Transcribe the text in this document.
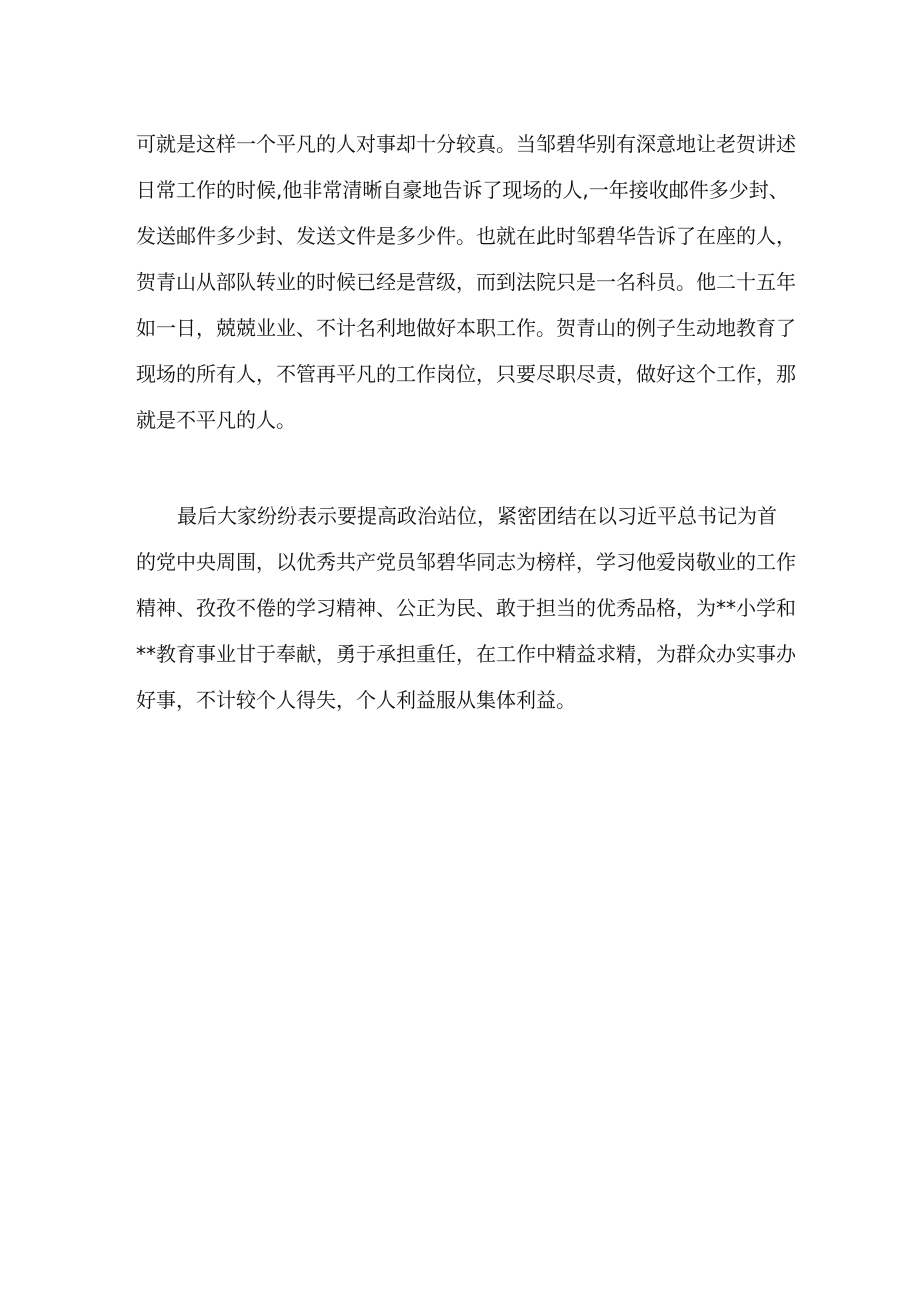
可就是这样一个平凡的人对事却十分较真。当邹碧华别有深意地让老贺讲述
日常工作的时候,他非常清晰自豪地告诉了现场的人,一年接收邮件多少封、
发送邮件多少封、发送文件是多少件。也就在此时邹碧华告诉了在座的人，
贺青山从部队转业的时候已经是营级，而到法院只是一名科员。他二十五年
如一日，兢兢业业、不计名利地做好本职工作。贺青山的例子生动地教育了
现场的所有人，不管再平凡的工作岗位，只要尽职尽责，做好这个工作，那
就是不平凡的人。
最后大家纷纷表示要提高政治站位，紧密团结在以习近平总书记为首
的党中央周围，以优秀共产党员邹碧华同志为榜样，学习他爱岗敬业的工作
精神、孜孜不倦的学习精神、公正为民、敢于担当的优秀品格，为**小学和
**教育事业甘于奉献，勇于承担重任，在工作中精益求精，为群众办实事办
好事，不计较个人得失，个人利益服从集体利益。
